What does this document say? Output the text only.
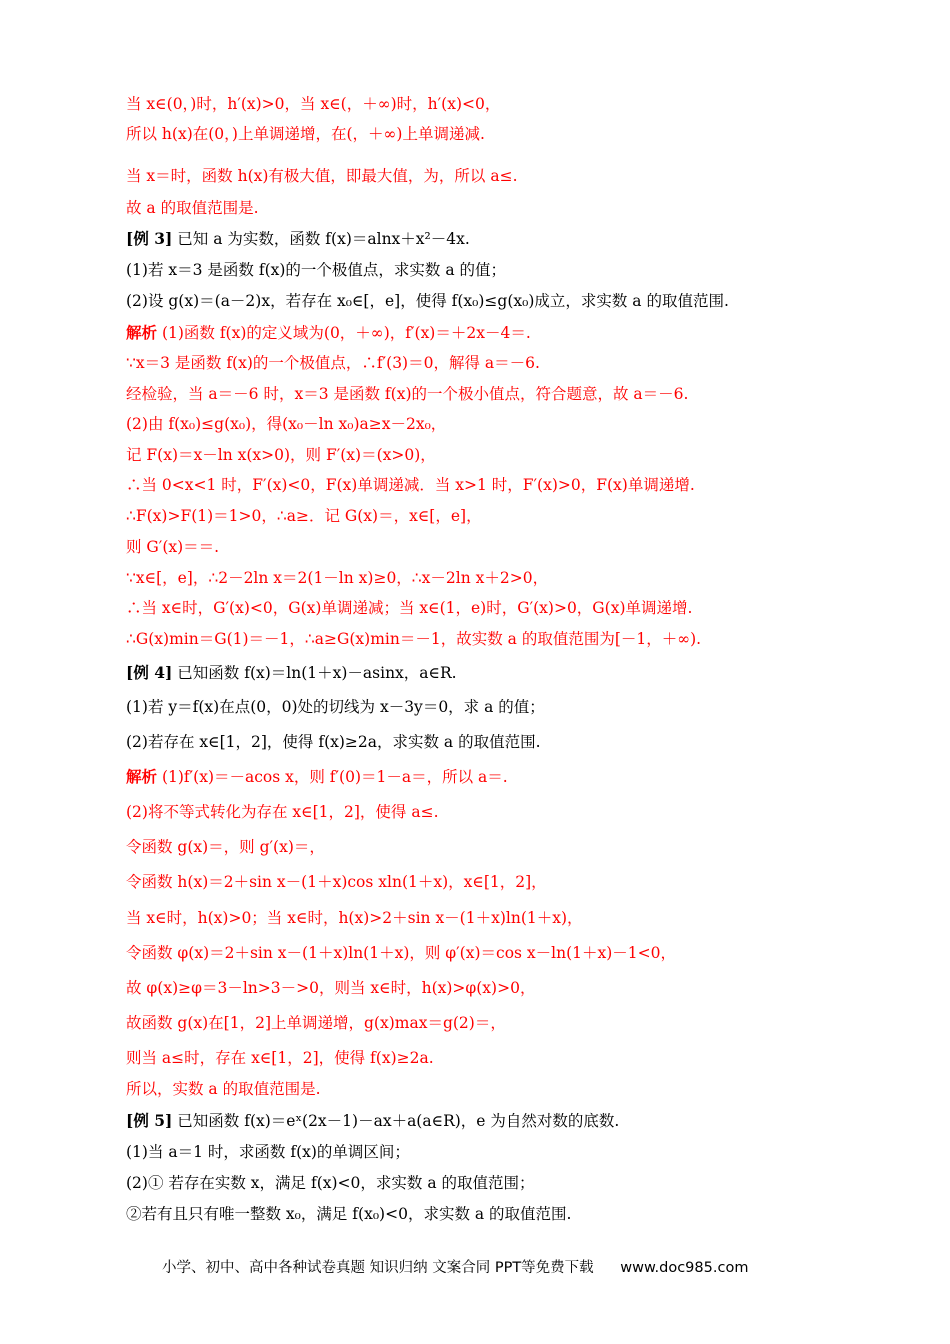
当 x∈(0，)时，h′(x)>0，当 x∈(，＋∞)时，h′(x)<0，
所以 h(x)在(0，)上单调递增，在(，＋∞)上单调递减.
当 x＝时，函数 h(x)有极大值，即最大值，为，所以 a≤.
故 a 的取值范围是.
[例 3] 已知 a 为实数，函数 f(x)＝alnx＋x²－4x.
(1)若 x＝3 是函数 f(x)的一个极值点，求实数 a 的值；
(2)设 g(x)＝(a－2)x，若存在 x₀∈[，e]，使得 f(x₀)≤g(x₀)成立，求实数 a 的取值范围.
解析 (1)函数 f(x)的定义域为(0，＋∞)，f′(x)＝＋2x－4＝.
∵x＝3 是函数 f(x)的一个极值点，∴f′(3)＝0，解得 a＝－6.
经检验，当 a＝－6 时，x＝3 是函数 f(x)的一个极小值点，符合题意，故 a＝－6.
(2)由 f(x₀)≤g(x₀)，得(x₀－ln x₀)a≥x－2x₀，
记 F(x)＝x－ln x(x>0)，则 F′(x)＝(x>0)，
∴当 0<x<1 时，F′(x)<0，F(x)单调递减．当 x>1 时，F′(x)>0，F(x)单调递增.
∴F(x)>F(1)＝1>0，∴a≥．记 G(x)＝，x∈[，e]，
则 G′(x)＝＝.
∵x∈[，e]，∴2－2ln x＝2(1－ln x)≥0，∴x－2ln x＋2>0，
∴当 x∈时，G′(x)<0，G(x)单调递减；当 x∈(1，e)时，G′(x)>0，G(x)单调递增.
∴G(x)min＝G(1)＝－1，∴a≥G(x)min＝－1，故实数 a 的取值范围为[－1，＋∞).
[例 4] 已知函数 f(x)＝ln(1＋x)－asinx，a∈R.
(1)若 y＝f(x)在点(0，0)处的切线为 x－3y＝0，求 a 的值；
(2)若存在 x∈[1，2]，使得 f(x)≥2a，求实数 a 的取值范围.
解析 (1)f′(x)＝－acos x，则 f′(0)＝1－a＝，所以 a＝.
(2)将不等式转化为存在 x∈[1，2]，使得 a≤.
令函数 g(x)＝，则 g′(x)＝，
令函数 h(x)＝2＋sin x－(1＋x)cos xln(1＋x)，x∈[1，2]，
当 x∈时，h(x)>0；当 x∈时，h(x)>2＋sin x－(1＋x)ln(1＋x)，
令函数 φ(x)＝2＋sin x－(1＋x)ln(1＋x)，则 φ′(x)＝cos x－ln(1＋x)－1<0，
故 φ(x)≥φ＝3－ln>3－>0，则当 x∈时，h(x)>φ(x)>0，
故函数 g(x)在[1，2]上单调递增，g(x)max＝g(2)＝，
则当 a≤时，存在 x∈[1，2]，使得 f(x)≥2a.
所以，实数 a 的取值范围是.
[例 5] 已知函数 f(x)＝eˣ(2x－1)－ax＋a(a∈R)，e 为自然对数的底数.
(1)当 a＝1 时，求函数 f(x)的单调区间；
(2)① 若存在实数 x，满足 f(x)<0，求实数 a 的取值范围；
②若有且只有唯一整数 x₀，满足 f(x₀)<0，求实数 a 的取值范围.
小学、初中、高中各种试卷真题 知识归纳 文案合同 PPT等免费下载 www.doc985.com
